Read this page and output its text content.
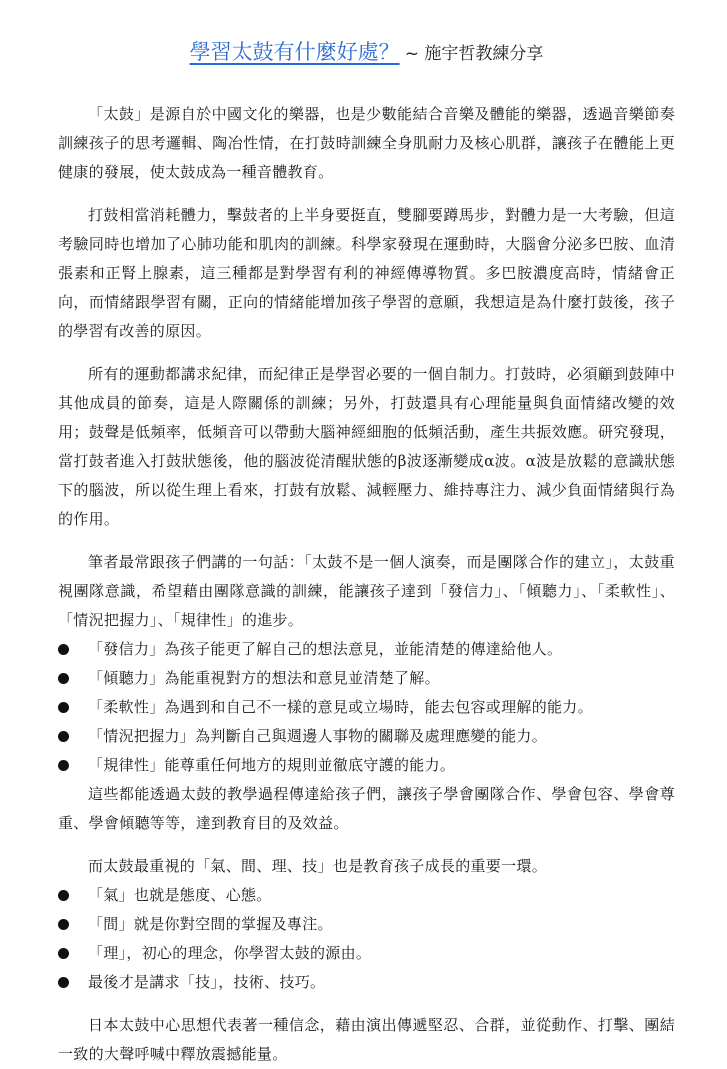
學習太鼓有什麼好處？ ~ 施宇哲教練分享

「太鼓」是源自於中國文化的樂器，也是少數能結合音樂及體能的樂器，透過音樂節奏訓練孩子的思考邏輯、陶冶性情，在打鼓時訓練全身肌耐力及核心肌群，讓孩子在體能上更健康的發展，使太鼓成為一種音體教育。

打鼓相當消耗體力，擊鼓者的上半身要挺直，雙腳要蹲馬步，對體力是一大考驗，但這考驗同時也增加了心肺功能和肌肉的訓練。科學家發現在運動時，大腦會分泌多巴胺、血清張素和正腎上腺素，這三種都是對學習有利的神經傳導物質。多巴胺濃度高時，情緒會正向，而情緒跟學習有關，正向的情緒能增加孩子學習的意願，我想這是為什麼打鼓後，孩子的學習有改善的原因。

所有的運動都講求紀律，而紀律正是學習必要的一個自制力。打鼓時，必須顧到鼓陣中其他成員的節奏，這是人際關係的訓練；另外，打鼓還具有心理能量與負面情緒改變的效用；鼓聲是低頻率，低頻音可以帶動大腦神經細胞的低頻活動，產生共振效應。研究發現，當打鼓者進入打鼓狀態後，他的腦波從清醒狀態的β波逐漸變成α波。α波是放鬆的意識狀態下的腦波，所以從生理上看來，打鼓有放鬆、減輕壓力、維持專注力、減少負面情緒與行為的作用。

筆者最常跟孩子們講的一句話：「太鼓不是一個人演奏，而是團隊合作的建立」，太鼓重視團隊意識，希望藉由團隊意識的訓練，能讓孩子達到「發信力」、「傾聽力」、「柔軟性」、「情況把握力」、「規律性」的進步。

「發信力」為孩子能更了解自己的想法意見，並能清楚的傳達給他人。
「傾聽力」為能重視對方的想法和意見並清楚了解。
「柔軟性」為遇到和自己不一樣的意見或立場時，能去包容或理解的能力。
「情況把握力」為判斷自己與週邊人事物的關聯及處理應變的能力。
「規律性」能尊重任何地方的規則並徹底守護的能力。

這些都能透過太鼓的教學過程傳達給孩子們，讓孩子學會團隊合作、學會包容、學會尊重、學會傾聽等等，達到教育目的及效益。

而太鼓最重視的「氣、間、理、技」也是教育孩子成長的重要一環。

「氣」也就是態度、心態。
「間」就是你對空間的掌握及專注。
「理」，初心的理念，你學習太鼓的源由。
最後才是講求「技」，技術、技巧。

日本太鼓中心思想代表著一種信念，藉由演出傳遞堅忍、合群，並從動作、打擊、團結一致的大聲呼喊中釋放震撼能量。
